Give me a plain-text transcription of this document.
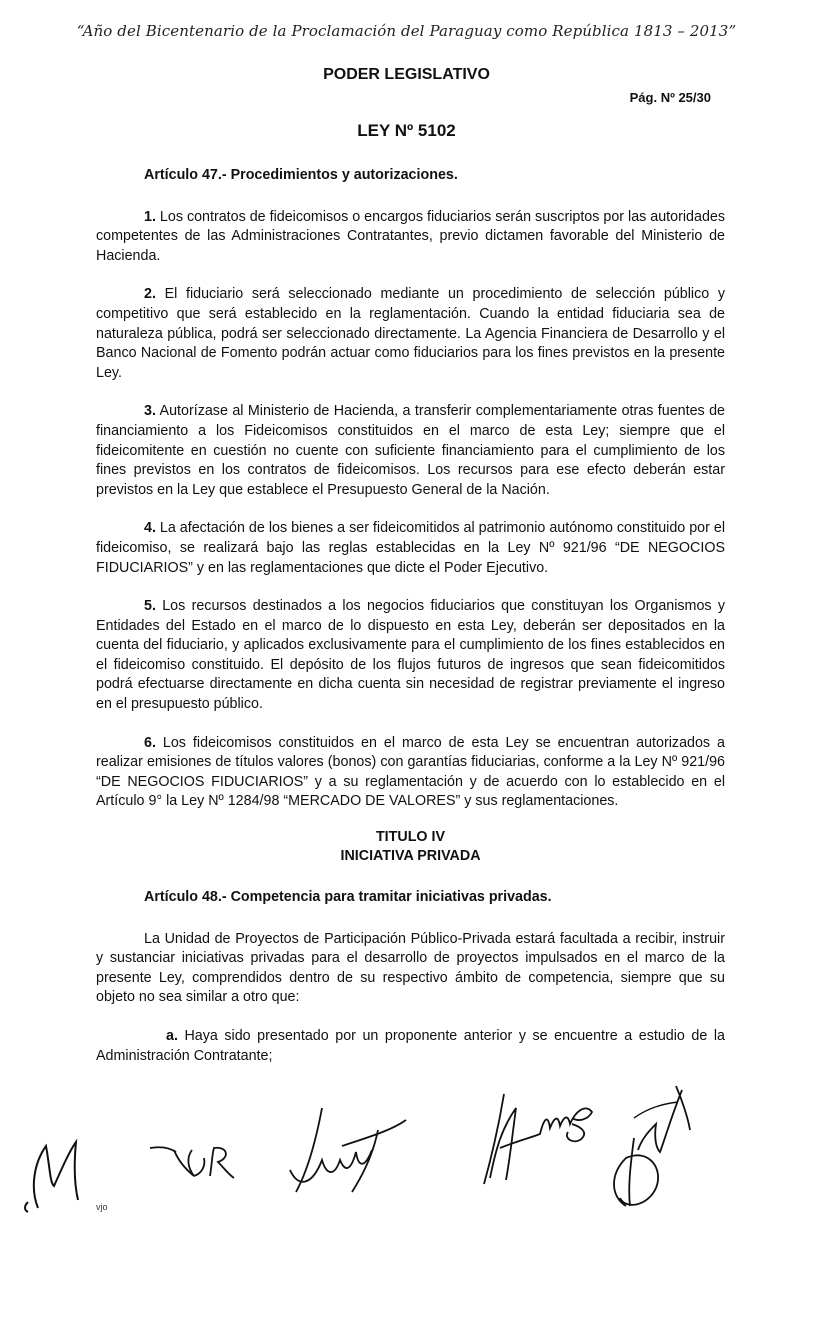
“Año del Bicentenario de la Proclamación del Paraguay como República 1813 – 2013”
PODER LEGISLATIVO
Pág. Nº 25/30
LEY Nº 5102
Artículo 47.- Procedimientos y autorizaciones.

1. Los contratos de fideicomisos o encargos fiduciarios serán suscriptos por las autoridades competentes de las Administraciones Contratantes, previo dictamen favorable del Ministerio de Hacienda.

2. El fiduciario será seleccionado mediante un procedimiento de selección público y competitivo que será establecido en la reglamentación. Cuando la entidad fiduciaria sea de naturaleza pública, podrá ser seleccionado directamente. La Agencia Financiera de Desarrollo y el Banco Nacional de Fomento podrán actuar como fiduciarios para los fines previstos en la presente Ley.

3. Autorízase al Ministerio de Hacienda, a transferir complementariamente otras fuentes de financiamiento a los Fideicomisos constituidos en el marco de esta Ley; siempre que el fideicomitente en cuestión no cuente con suficiente financiamiento para el cumplimiento de los fines previstos en los contratos de fideicomisos. Los recursos para ese efecto deberán estar previstos en la Ley que establece el Presupuesto General de la Nación.

4. La afectación de los bienes a ser fideicomitidos al patrimonio autónomo constituido por el fideicomiso, se realizará bajo las reglas establecidas en la Ley Nº 921/96 “DE NEGOCIOS FIDUCIARIOS” y en las reglamentaciones que dicte el Poder Ejecutivo.

5. Los recursos destinados a los negocios fiduciarios que constituyan los Organismos y Entidades del Estado en el marco de lo dispuesto en esta Ley, deberán ser depositados en la cuenta del fiduciario, y aplicados exclusivamente para el cumplimiento de los fines establecidos en el fideicomiso constituido. El depósito de los flujos futuros de ingresos que sean fideicomitidos podrá efectuarse directamente en dicha cuenta sin necesidad de registrar previamente el ingreso en el presupuesto público.

6. Los fideicomisos constituidos en el marco de esta Ley se encuentran autorizados a realizar emisiones de títulos valores (bonos) con garantías fiduciarias, conforme a la Ley Nº 921/96 “DE NEGOCIOS FIDUCIARIOS” y a su reglamentación y de acuerdo con lo establecido en el Artículo 9° la Ley Nº 1284/98 “MERCADO DE VALORES” y sus reglamentaciones.

TITULO IV
INICIATIVA PRIVADA
Artículo 48.- Competencia para tramitar iniciativas privadas.

La Unidad de Proyectos de Participación Público-Privada estará facultada a recibir, instruir y sustanciar iniciativas privadas para el desarrollo de proyectos impulsados en el marco de la presente Ley, comprendidos dentro de su respectivo ámbito de competencia, siempre que su objeto no sea similar a otro que:

a. Haya sido presentado por un proponente anterior y se encuentre a estudio de la Administración Contratante;

vjo
